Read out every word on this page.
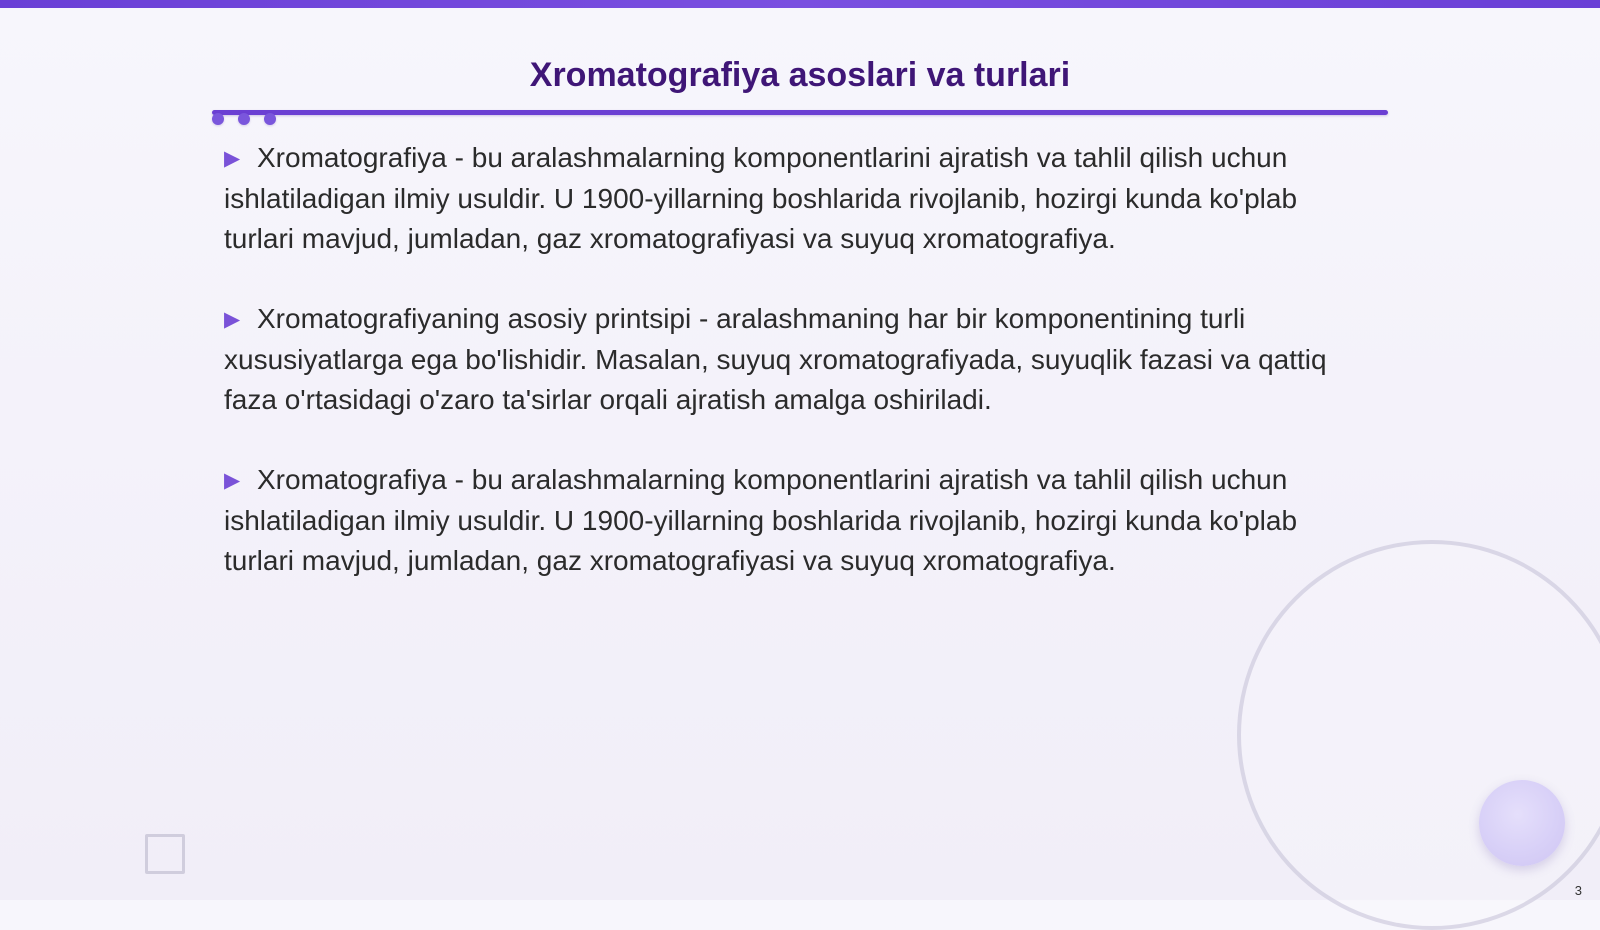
Xromatografiya asoslari va turlari

▶ Xromatografiya - bu aralashmalarning komponentlarini ajratish va tahlil qilish uchun ishlatiladigan ilmiy usuldir. U 1900-yillarning boshlarida rivojlanib, hozirgi kunda ko'plab turlari mavjud, jumladan, gaz xromatografiyasi va suyuq xromatografiya.

▶ Xromatografiyaning asosiy printsipi - aralashmaning har bir komponentining turli xususiyatlarga ega bo'lishidir. Masalan, suyuq xromatografiyada, suyuqlik fazasi va qattiq faza o'rtasidagi o'zaro ta'sirlar orqali ajratish amalga oshiriladi.

▶ Xromatografiya - bu aralashmalarning komponentlarini ajratish va tahlil qilish uchun ishlatiladigan ilmiy usuldir. U 1900-yillarning boshlarida rivojlanib, hozirgi kunda ko'plab turlari mavjud, jumladan, gaz xromatografiyasi va suyuq xromatografiya.

3
